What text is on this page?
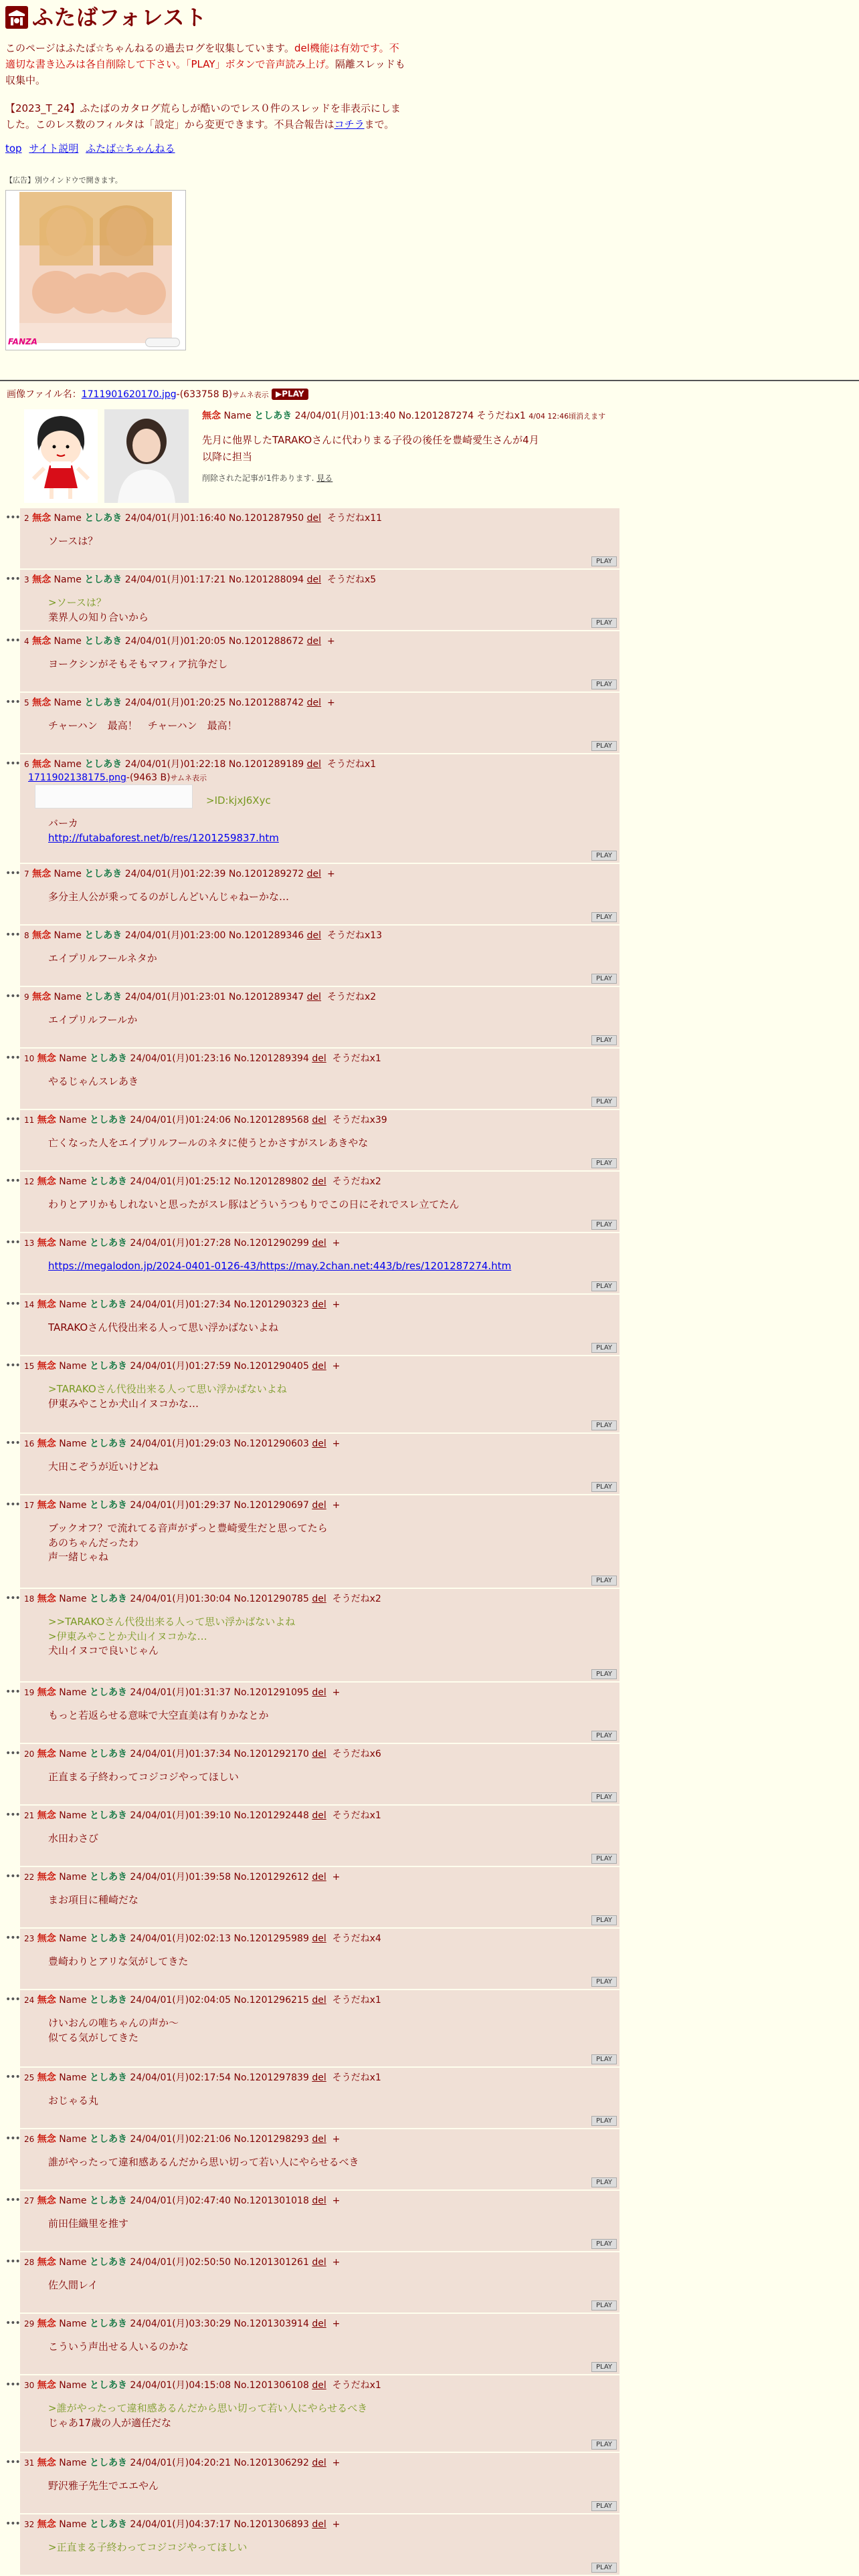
ふたばフォレスト
このページはふたば☆ちゃんねるの過去ログを収集しています。del機能は有効です。不適切な書き込みは各自削除して下さい。「PLAY」ボタンで音声読み上げ。隔離スレッドも収集中。
【2023_T_24】ふたばのカタログ荒らしが酷いのでレス０件のスレッドを非表示にしました。このレス数のフィルタは「設定」から変更できます。不具合報告はコチラまで。
top サイト説明 ふたば☆ちゃんねる
【広告】別ウインドウで開きます。
FANZA
画像ファイル名：1711901620170.jpg-(633758 B)サムネ表示 ▶PLAY
無念 Name としあき 24/04/01(月)01:13:40 No.1201287274 そうだねx1 4/04 12:46頃消えます
先月に他界したTARAKOさんに代わりまる子役の後任を豊崎愛生さんが4月
以降に担当
削除された記事が1件あります. 見る
••• 2 無念 Name としあき 24/04/01(月)01:16:40 No.1201287950 del そうだねx11
ソースは？
PLAY
••• 3 無念 Name としあき 24/04/01(月)01:17:21 No.1201288094 del そうだねx5
>ソースは？
業界人の知り合いから	PLAY
••• 4 無念 Name としあき 24/04/01(月)01:20:05 No.1201288672 del +
ヨークシンがそもそもマフィア抗争だし
PLAY
••• 5 無念 Name としあき 24/04/01(月)01:20:25 No.1201288742 del +
チャーハン　最高！　チャーハン　最高！
PLAY
••• 6 無念 Name としあき 24/04/01(月)01:22:18 No.1201289189 del そうだねx1
1711902138175.png-(9463 B)サムネ表示
>ID:kjxJ6Xyc
バーカ
http://futabaforest.net/b/res/1201259837.htm
PLAY
••• 7 無念 Name としあき 24/04/01(月)01:22:39 No.1201289272 del +
多分主人公が乗ってるのがしんどいんじゃねーかな…
PLAY
••• 8 無念 Name としあき 24/04/01(月)01:23:00 No.1201289346 del そうだねx13
エイプリルフールネタか
PLAY
••• 9 無念 Name としあき 24/04/01(月)01:23:01 No.1201289347 del そうだねx2
エイプリルフールか
PLAY
••• 10 無念 Name としあき 24/04/01(月)01:23:16 No.1201289394 del そうだねx1
やるじゃんスレあき
PLAY
••• 11 無念 Name としあき 24/04/01(月)01:24:06 No.1201289568 del そうだねx39
亡くなった人をエイプリルフールのネタに使うとかさすがスレあきやな
PLAY
••• 12 無念 Name としあき 24/04/01(月)01:25:12 No.1201289802 del そうだねx2
わりとアリかもしれないと思ったがスレ豚はどういうつもりでこの日にそれでスレ立てたん
PLAY
••• 13 無念 Name としあき 24/04/01(月)01:27:28 No.1201290299 del +
https://megalodon.jp/2024-0401-0126-43/https://may.2chan.net:443/b/res/1201287274.htm
PLAY
••• 14 無念 Name としあき 24/04/01(月)01:27:34 No.1201290323 del +
TARAKOさん代役出来る人って思い浮かばないよね
PLAY
••• 15 無念 Name としあき 24/04/01(月)01:27:59 No.1201290405 del +
>TARAKOさん代役出来る人って思い浮かばないよね
伊東みやことか犬山イヌコかな…
PLAY
••• 16 無念 Name としあき 24/04/01(月)01:29:03 No.1201290603 del +
大田こぞうが近いけどね
PLAY
••• 17 無念 Name としあき 24/04/01(月)01:29:37 No.1201290697 del +
ブックオフ？で流れてる音声がずっと豊崎愛生だと思ってたら
あのちゃんだったわ
声一緒じゃね
PLAY
••• 18 無念 Name としあき 24/04/01(月)01:30:04 No.1201290785 del そうだねx2
>>TARAKOさん代役出来る人って思い浮かばないよね
>伊東みやことか犬山イヌコかな…
犬山イヌコで良いじゃん
PLAY
••• 19 無念 Name としあき 24/04/01(月)01:31:37 No.1201291095 del +
もっと若返らせる意味で大空直美は有りかなとか
PLAY
••• 20 無念 Name としあき 24/04/01(月)01:37:34 No.1201292170 del そうだねx6
正直まる子終わってコジコジやってほしい
PLAY
••• 21 無念 Name としあき 24/04/01(月)01:39:10 No.1201292448 del そうだねx1
水田わさび
PLAY
••• 22 無念 Name としあき 24/04/01(月)01:39:58 No.1201292612 del +
まお項目に種崎だな
PLAY
••• 23 無念 Name としあき 24/04/01(月)02:02:13 No.1201295989 del そうだねx4
豊崎わりとアリな気がしてきた
PLAY
••• 24 無念 Name としあき 24/04/01(月)02:04:05 No.1201296215 del そうだねx1
けいおんの唯ちゃんの声か～
似てる気がしてきた
PLAY
••• 25 無念 Name としあき 24/04/01(月)02:17:54 No.1201297839 del そうだねx1
おじゃる丸
PLAY
••• 26 無念 Name としあき 24/04/01(月)02:21:06 No.1201298293 del +
誰がやったって違和感あるんだから思い切って若い人にやらせるべき
PLAY
••• 27 無念 Name としあき 24/04/01(月)02:47:40 No.1201301018 del +
前田佳織里を推す
PLAY
••• 28 無念 Name としあき 24/04/01(月)02:50:50 No.1201301261 del +
佐久間レイ
PLAY
••• 29 無念 Name としあき 24/04/01(月)03:30:29 No.1201303914 del +
こういう声出せる人いるのかな
PLAY
••• 30 無念 Name としあき 24/04/01(月)04:15:08 No.1201306108 del そうだねx1
>誰がやったって違和感あるんだから思い切って若い人にやらせるべき
じゃあ17歳の人が適任だな
PLAY
••• 31 無念 Name としあき 24/04/01(月)04:20:21 No.1201306292 del +
野沢雅子先生でエエやん
PLAY
••• 32 無念 Name としあき 24/04/01(月)04:37:17 No.1201306893 del +
>正直まる子終わってコジコジやってほしい
PLAY
